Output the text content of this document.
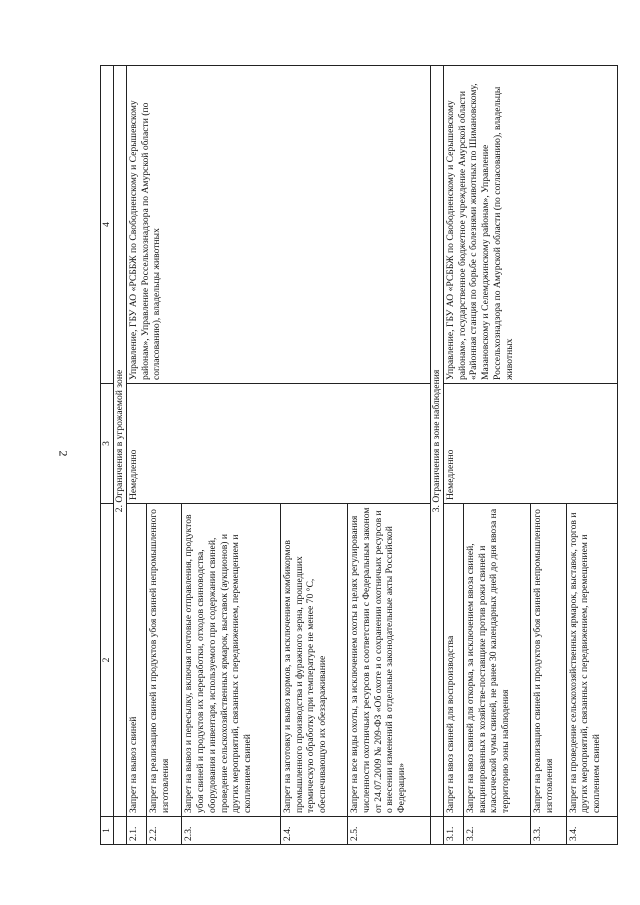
2
1	2	3	4
	2. Ограничения в угрожаемой зоне		
2.1.	Запрет на вывоз свиней	Немедленно	Управление, ГБУ АО «РСББЖ по Свободненскому и Серышевскому районам», Управление Россельхознадзора по Амурской области (по согласованию), владельцы животных
2.2.	Запрет на реализацию свиней и продуктов убоя свиней непромышленного изготовления		
2.3.	Запрет на вывоз и пересылку, включая почтовые отправления, продуктов убоя свиней и продуктов их переработки, отходов свиноводства, оборудования и инвентаря, используемого при содержании свиней, проведение сельскохозяйственных ярмарок, выставок (аукционов) и других мероприятий, связанных с передвижением, перемещением и скоплением свиней		
2.4.	Запрет на заготовку и вывоз кормов, за исключением комбикормов промышленного производства и фуражного зерна, прошедших термическую обработку при температуре не менее 70 °С, обеспечивающую их обеззараживание		
2.5.	Запрет на все виды охоты, за исключением охоты в целях регулирования численности охотничьих ресурсов в соответствии с Федеральным законом от 24.07.2009 № 209-ФЗ «Об охоте и о сохранении охотничьих ресурсов и о внесении изменений в отдельные законодательные акты Российской Федерации»		
	3. Ограничения в зоне наблюдения		
3.1.	Запрет на ввоз свиней для воспроизводства	Немедленно	Управление, ГБУ АО «РСББЖ по Свободненскому и Серышевскому районам», государственное бюджетное учреждение Амурской области «Районная станция по борьбе с болезнями животных по Шимановскому, Мазановскому и Селемджинскому районам», Управление Россельхознадзора по Амурской области (по согласованию), владельцы животных
3.2.	Запрет на ввоз свиней для откорма, за исключением ввоза свиней, вакцинированных в хозяйстве-поставщике против рожи свиней и классической чумы свиней, не ранее 30 календарных дней до дня ввоза на территорию зоны наблюдения		
3.3.	Запрет на реализацию свиней и продуктов убоя свиней непромышленного изготовления		
3.4.	Запрет на проведение сельскохозяйственных ярмарок, выставок, торгов и других мероприятий, связанных с передвижением, перемещением и скоплением свиней		
